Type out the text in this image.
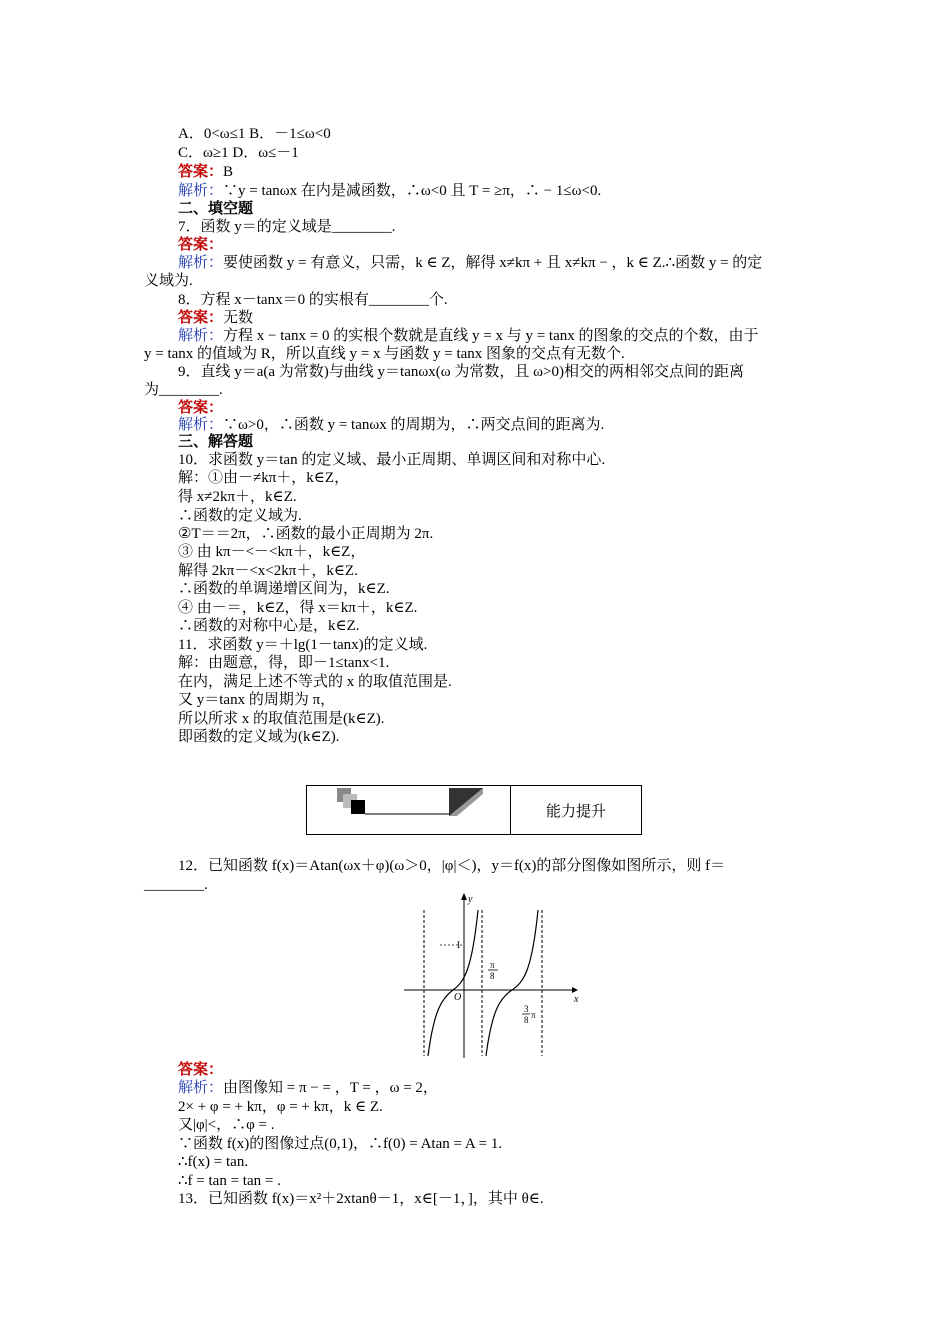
A．0<ω≤1 B．－1≤ω<0
C．ω≥1 D．ω≤－1
答案：B
解析：∵y = tanωx 在内是减函数，∴ω<0 且 T = ≥π，∴ − 1≤ω<0.
二、填空题
7．函数 y＝的定义域是________.
答案：
解析：要使函数 y = 有意义，只需，k ∈ Z，解得 x≠kπ + 且 x≠kπ − ，k ∈ Z.∴函数 y = 的定
义域为.
8．方程 x－tanx＝0 的实根有________个.
答案：无数
解析：方程 x − tanx = 0 的实根个数就是直线 y = x 与 y = tanx 的图象的交点的个数，由于
y = tanx 的值域为 R，所以直线 y = x 与函数 y = tanx 图象的交点有无数个.
9．直线 y＝a(a 为常数)与曲线 y＝tanωx(ω 为常数，且 ω>0)相交的两相邻交点间的距离
为________.
答案：
解析：∵ω>0，∴函数 y = tanωx 的周期为，∴两交点间的距离为.
三、解答题
10．求函数 y＝tan 的定义域、最小正周期、单调区间和对称中心.
解：①由－≠kπ＋，k∈Z，
得 x≠2kπ＋，k∈Z.
∴函数的定义域为.
②T＝＝2π，∴函数的最小正周期为 2π.
③ 由 kπ－<－<kπ＋，k∈Z，
解得 2kπ－<x<2kπ＋，k∈Z.
∴函数的单调递增区间为，k∈Z.
④ 由－＝，k∈Z，得 x＝kπ＋，k∈Z.
∴函数的对称中心是，k∈Z.
11．求函数 y＝＋lg(1－tanx)的定义域.
解：由题意，得，即－1≤tanx<1.
在内，满足上述不等式的 x 的取值范围是.
又 y＝tanx 的周期为 π，
所以所求 x 的取值范围是(k∈Z).
即函数的定义域为(k∈Z).
能力提升
12．已知函数 f(x)＝Atan(ωx＋φ)(ω＞0，|φ|＜)，y＝f(x)的部分图像如图所示，则 f＝
________.
x
y
O
1
π
8
3
8 π
答案：
解析：由图像知 = π − = ，T = ，ω = 2，
2× + φ = + kπ，φ = + kπ，k ∈ Z.
又|φ|<，∴φ = .
∵函数 f(x)的图像过点(0,1)，∴f(0) = Atan = A = 1.
∴f(x) = tan.
∴f = tan = tan = .
13．已知函数 f(x)＝x²＋2xtanθ－1，x∈[－1，]，其中 θ∈.
